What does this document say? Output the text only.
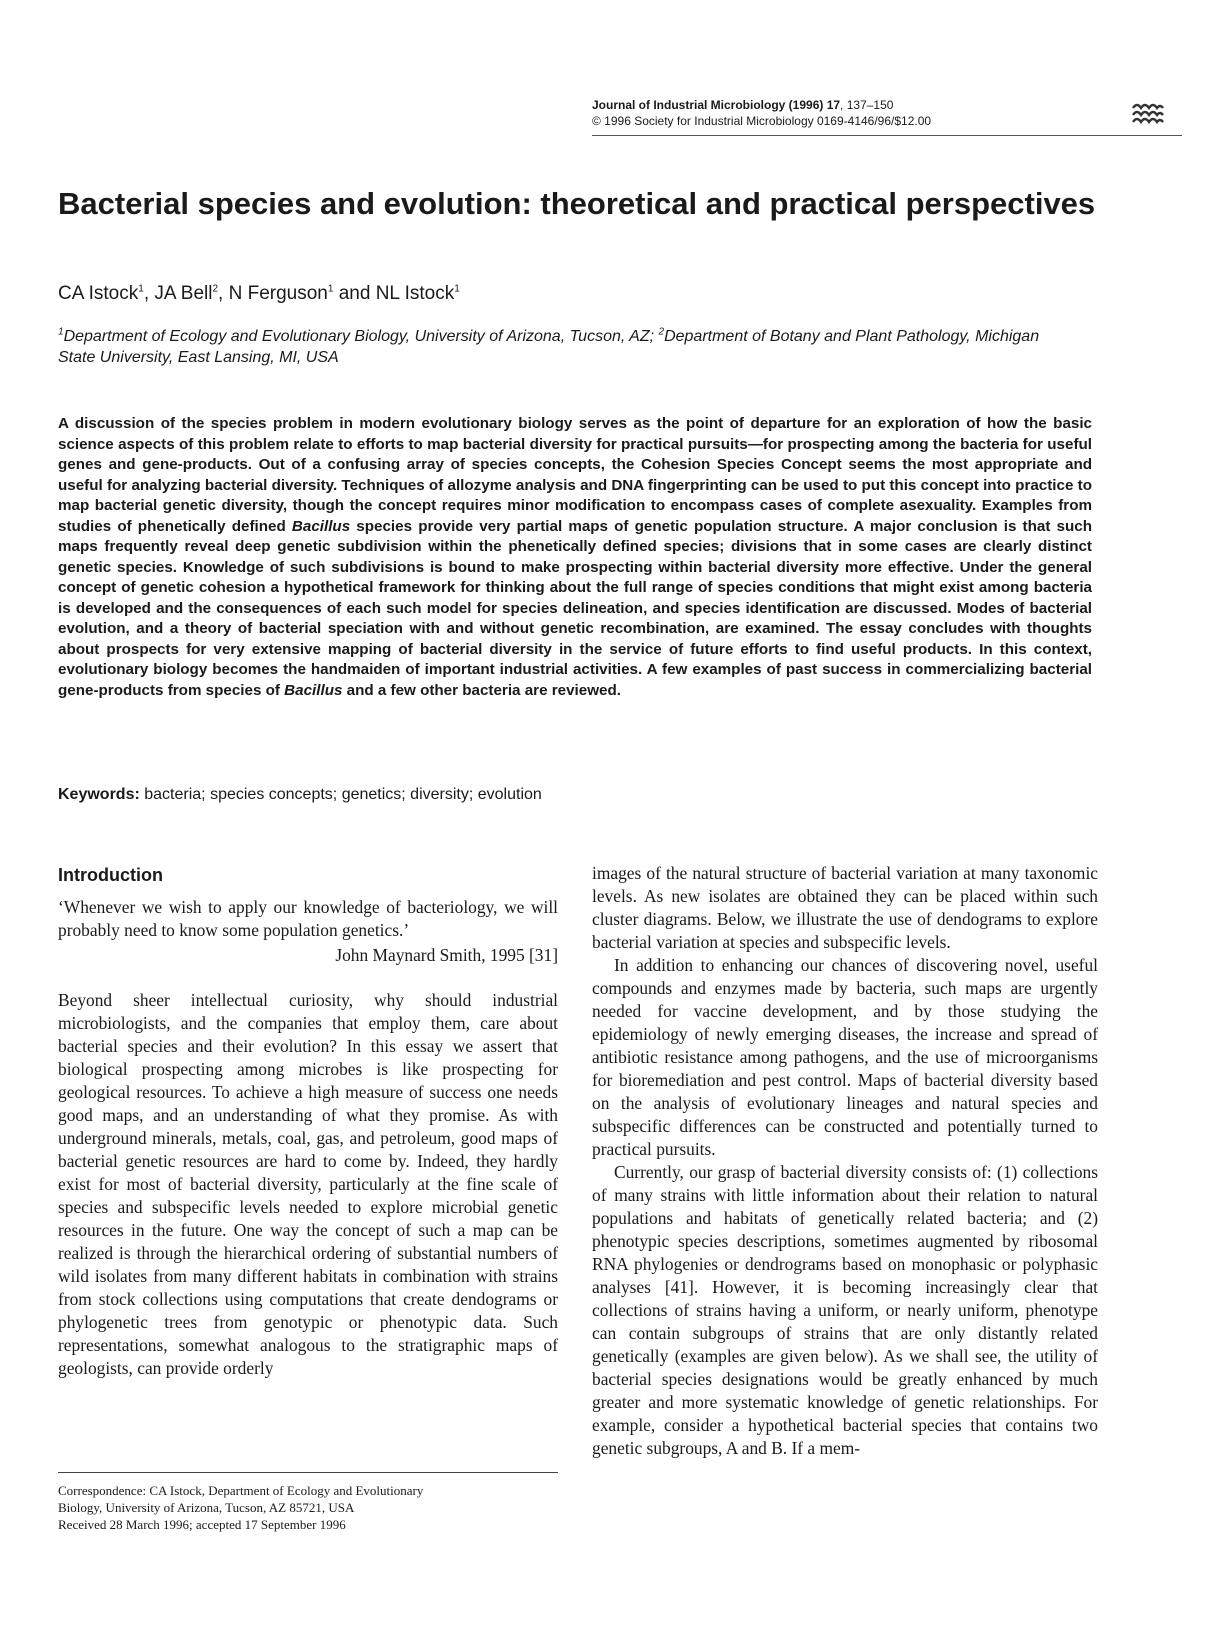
Journal of Industrial Microbiology (1996) 17, 137–150
© 1996 Society for Industrial Microbiology 0169-4146/96/$12.00
Bacterial species and evolution: theoretical and practical perspectives
CA Istock$^1$, JA Bell$^2$, N Ferguson$^1$ and NL Istock$^1$
$^1$Department of Ecology and Evolutionary Biology, University of Arizona, Tucson, AZ; $^2$Department of Botany and Plant Pathology, Michigan State University, East Lansing, MI, USA

A discussion of the species problem in modern evolutionary biology serves as the point of departure for an exploration of how the basic science aspects of this problem relate to efforts to map bacterial diversity for practical pursuits—for prospecting among the bacteria for useful genes and gene-products. Out of a confusing array of species concepts, the Cohesion Species Concept seems the most appropriate and useful for analyzing bacterial diversity. Techniques of allozyme analysis and DNA fingerprinting can be used to put this concept into practice to map bacterial genetic diversity, though the concept requires minor modification to encompass cases of complete asexuality. Examples from studies of phenetically defined Bacillus species provide very partial maps of genetic population structure. A major conclusion is that such maps frequently reveal deep genetic subdivision within the phenetically defined species; divisions that in some cases are clearly distinct genetic species. Knowledge of such subdivisions is bound to make prospecting within bacterial diversity more effective. Under the general concept of genetic cohesion a hypothetical framework for thinking about the full range of species conditions that might exist among bacteria is developed and the consequences of each such model for species delineation, and species identification are discussed. Modes of bacterial evolution, and a theory of bacterial speciation with and without genetic recombination, are examined. The essay concludes with thoughts about prospects for very extensive mapping of bacterial diversity in the service of future efforts to find useful products. In this context, evolutionary biology becomes the handmaiden of important industrial activities. A few examples of past success in commercializing bacterial gene-products from species of Bacillus and a few other bacteria are reviewed.

Keywords: bacteria; species concepts; genetics; diversity; evolution
Introduction

‘Whenever we wish to apply our knowledge of bacteriology, we will probably need to know some population genetics.’

John Maynard Smith, 1995 [31]

Beyond sheer intellectual curiosity, why should industrial microbiologists, and the companies that employ them, care about bacterial species and their evolution? In this essay we assert that biological prospecting among microbes is like prospecting for geological resources. To achieve a high measure of success one needs good maps, and an understanding of what they promise. As with underground minerals, metals, coal, gas, and petroleum, good maps of bacterial genetic resources are hard to come by. Indeed, they hardly exist for most of bacterial diversity, particularly at the fine scale of species and subspecific levels needed to explore microbial genetic resources in the future. One way the concept of such a map can be realized is through the hierarchical ordering of substantial numbers of wild isolates from many different habitats in combination with strains from stock collections using computations that create dendograms or phylogenetic trees from genotypic or phenotypic data. Such representations, somewhat analogous to the stratigraphic maps of geologists, can provide orderly

images of the natural structure of bacterial variation at many taxonomic levels. As new isolates are obtained they can be placed within such cluster diagrams. Below, we illustrate the use of dendograms to explore bacterial variation at species and subspecific levels.

In addition to enhancing our chances of discovering novel, useful compounds and enzymes made by bacteria, such maps are urgently needed for vaccine development, and by those studying the epidemiology of newly emerging diseases, the increase and spread of antibiotic resistance among pathogens, and the use of microorganisms for bioremediation and pest control. Maps of bacterial diversity based on the analysis of evolutionary lineages and natural species and subspecific differences can be constructed and potentially turned to practical pursuits.

Currently, our grasp of bacterial diversity consists of: (1) collections of many strains with little information about their relation to natural populations and habitats of genetically related bacteria; and (2) phenotypic species descriptions, sometimes augmented by ribosomal RNA phylogenies or dendrograms based on monophasic or polyphasic analyses [41]. However, it is becoming increasingly clear that collections of strains having a uniform, or nearly uniform, phenotype can contain subgroups of strains that are only distantly related genetically (examples are given below). As we shall see, the utility of bacterial species designations would be greatly enhanced by much greater and more systematic knowledge of genetic relationships. For example, consider a hypothetical bacterial species that contains two genetic subgroups, A and B. If a mem-

Correspondence: CA Istock, Department of Ecology and Evolutionary
Biology, University of Arizona, Tucson, AZ 85721, USA
Received 28 March 1996; accepted 17 September 1996
